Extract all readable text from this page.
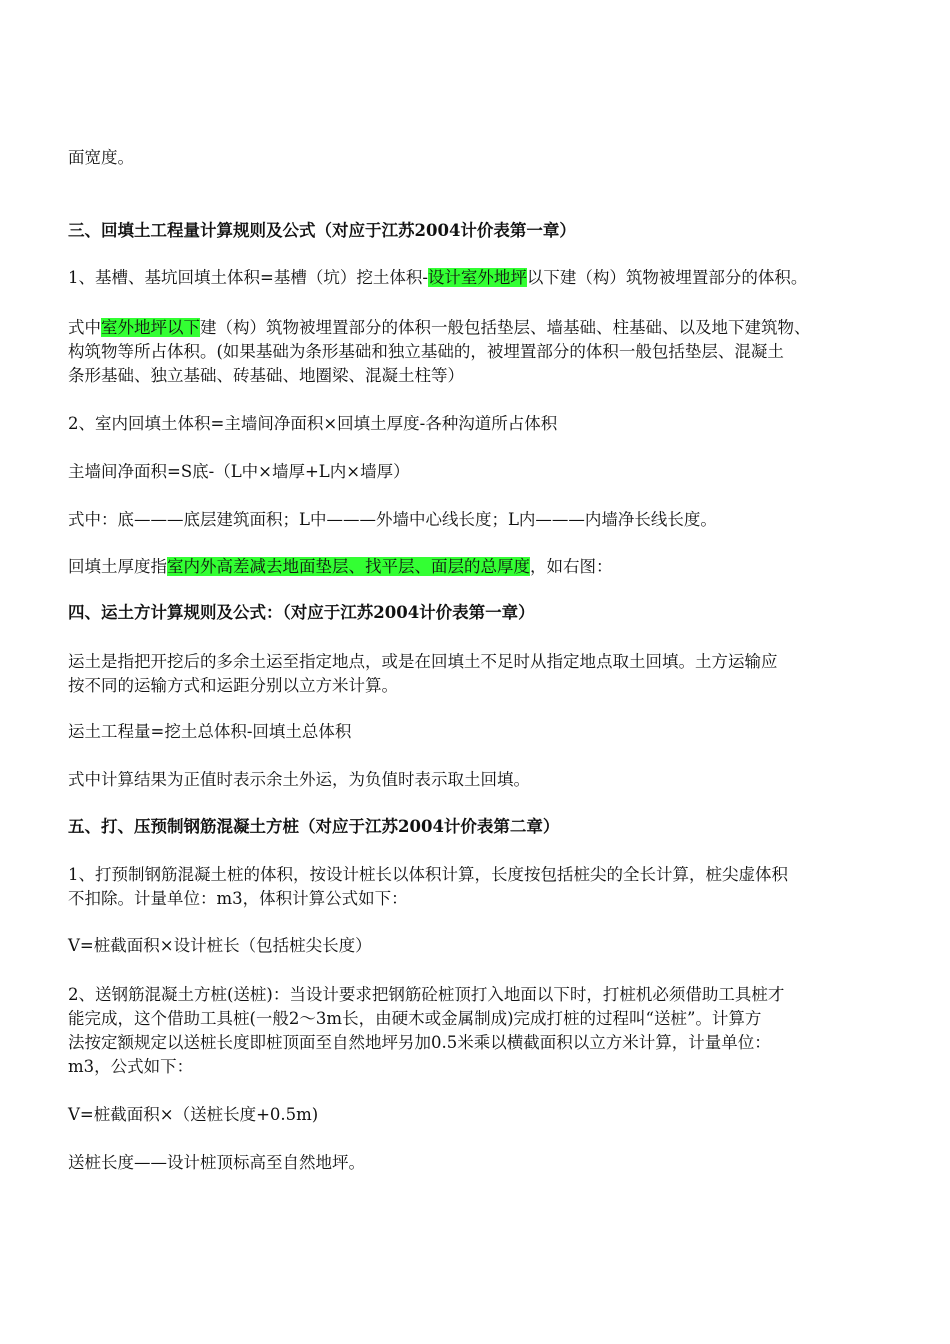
面宽度。
三、回填土工程量计算规则及公式（对应于江苏2004计价表第一章）
1、基槽、基坑回填土体积=基槽（坑）挖土体积-设计室外地坪以下建（构）筑物被埋置部分的体积。
式中室外地坪以下建（构）筑物被埋置部分的体积一般包括垫层、墙基础、柱基础、以及地下建筑物、
构筑物等所占体积。(如果基础为条形基础和独立基础的，被埋置部分的体积一般包括垫层、混凝土
条形基础、独立基础、砖基础、地圈梁、混凝土柱等）
2、室内回填土体积=主墙间净面积×回填土厚度-各种沟道所占体积
主墙间净面积=S底-（L中×墙厚+L内×墙厚）
式中：底———底层建筑面积；L中———外墙中心线长度；L内———内墙净长线长度。
回填土厚度指室内外高差减去地面垫层、找平层、面层的总厚度，如右图：
四、运土方计算规则及公式：（对应于江苏2004计价表第一章）
运土是指把开挖后的多余土运至指定地点，或是在回填土不足时从指定地点取土回填。土方运输应
按不同的运输方式和运距分别以立方米计算。
运土工程量=挖土总体积-回填土总体积
式中计算结果为正值时表示余土外运，为负值时表示取土回填。
五、打、压预制钢筋混凝土方桩（对应于江苏2004计价表第二章）
1、打预制钢筋混凝土桩的体积，按设计桩长以体积计算，长度按包括桩尖的全长计算，桩尖虚体积
不扣除。计量单位：m3，体积计算公式如下：
V=桩截面积×设计桩长（包括桩尖长度）
2、送钢筋混凝土方桩(送桩)：当设计要求把钢筋砼桩顶打入地面以下时，打桩机必须借助工具桩才
能完成，这个借助工具桩(一般2～3m长，由硬木或金属制成)完成打桩的过程叫“送桩”。计算方
法按定额规定以送桩长度即桩顶面至自然地坪另加0.5米乘以横截面积以立方米计算，计量单位：
m3，公式如下：
V=桩截面积×（送桩长度+0.5m)
送桩长度——设计桩顶标高至自然地坪。
